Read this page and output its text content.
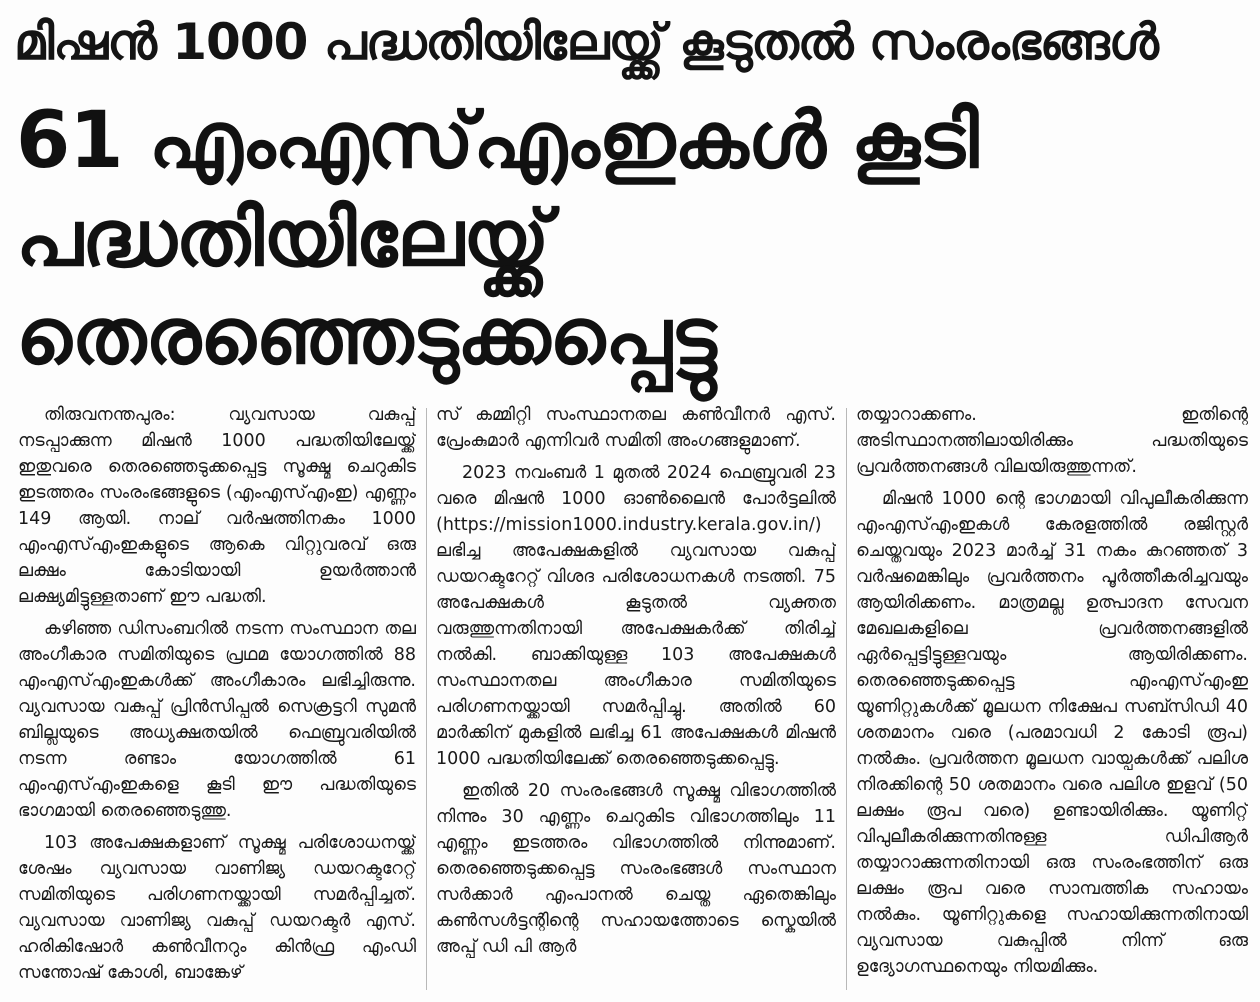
മിഷൻ 1000 പദ്ധതിയിലേയ്ക്ക് കൂടുതൽ സംരംഭങ്ങൾ
61 എംഎസ്എംഇകൾ കൂടി
പദ്ധതിയിലേയ്ക്ക്
തെരഞ്ഞെടുക്കപ്പെട്ടു

തിരുവനന്തപുരം: വ്യവസായ വകുപ്പ് നടപ്പാക്കുന്ന മിഷൻ 1000 പദ്ധതിയിലേയ്ക്ക് ഇതുവരെ തെരഞ്ഞെടുക്കപ്പെട്ട സൂക്ഷ്മ ചെറുകിട ഇടത്തരം സംരംഭങ്ങളുടെ (എംഎസ്എംഇ) എണ്ണം 149 ആയി. നാല് വർഷത്തിനകം 1000 എംഎസ്എംഇകളുടെ ആകെ വിറ്റുവരവ് ഒരു ലക്ഷം കോടിയായി ഉയർത്താൻ ലക്ഷ്യമിട്ടുള്ളതാണ് ഈ പദ്ധതി.

കഴിഞ്ഞ ഡിസംബറിൽ നടന്ന സംസ്ഥാന തല അംഗീകാര സമിതിയുടെ പ്രഥമ യോഗത്തിൽ 88 എംഎസ്എംഇകൾക്ക് അംഗീകാരം ലഭിച്ചിരുന്നു. വ്യവസായ വകുപ്പ് പ്രിൻസിപ്പൽ സെക്രട്ടറി സുമൻ ബില്ലയുടെ അധ്യക്ഷതയിൽ ഫെബ്രുവരിയിൽ നടന്ന രണ്ടാം യോഗത്തിൽ 61 എംഎസ്എംഇകളെ കൂടി ഈ പദ്ധതിയുടെ ഭാഗമായി തെരഞ്ഞെടുത്തു.

103 അപേക്ഷകളാണ് സൂക്ഷ്മ പരിശോധനയ്ക്ക് ശേഷം വ്യവസായ വാണിജ്യ ഡയറക്ടറേറ്റ് സമിതിയുടെ പരിഗണനയ്ക്കായി സമർപ്പിച്ചത്. വ്യവസായ വാണിജ്യ വകുപ്പ് ഡയറക്ടർ എസ്. ഹരികിഷോർ കൺവീനറും കിൻഫ്ര എംഡി സന്തോഷ് കോശി, ബാങ്കേഴ്

സ് കമ്മിറ്റി സംസ്ഥാനതല കൺവീനർ എസ്. പ്രേംകുമാർ എന്നിവർ സമിതി അംഗങ്ങളുമാണ്.

2023 നവംബർ 1 മുതൽ 2024 ഫെബ്രുവരി 23 വരെ മിഷൻ 1000 ഓൺലൈൻ പോർട്ടലിൽ (https://mission1000.industry.kerala.gov.in/) ലഭിച്ച അപേക്ഷകളിൽ വ്യവസായ വകുപ്പ് ഡയറക്ടറേറ്റ് വിശദ പരിശോധനകൾ നടത്തി. 75 അപേക്ഷകൾ കൂടുതൽ വ്യക്തത വരുത്തുന്നതിനായി അപേക്ഷകർക്ക് തിരിച്ച് നൽകി. ബാക്കിയുള്ള 103 അപേക്ഷകൾ സംസ്ഥാനതല അംഗീകാര സമിതിയുടെ പരിഗണനയ്ക്കായി സമർപ്പിച്ചു. അതിൽ 60 മാർക്കിന് മുകളിൽ ലഭിച്ച 61 അപേക്ഷകൾ മിഷൻ 1000 പദ്ധതിയിലേക്ക് തെരഞ്ഞെടുക്കപ്പെട്ടു.

ഇതിൽ 20 സംരംഭങ്ങൾ സൂക്ഷ്മ വിഭാഗത്തിൽ നിന്നും 30 എണ്ണം ചെറുകിട വിഭാഗത്തിലും 11 എണ്ണം ഇടത്തരം വിഭാഗത്തിൽ നിന്നുമാണ്. തെരഞ്ഞെടുക്കപ്പെട്ട സംരംഭങ്ങൾ സംസ്ഥാന സർക്കാർ എംപാനൽ ചെയ്ത ഏതെങ്കിലും കൺസൾട്ടന്റിന്റെ സഹായത്തോടെ സ്കെയിൽ അപ്പ് ഡി പി ആർ

തയ്യാറാക്കണം. ഇതിന്റെ അടിസ്ഥാനത്തിലായിരിക്കും പദ്ധതിയുടെ പ്രവർത്തനങ്ങൾ വിലയിരുത്തുന്നത്.

മിഷൻ 1000 ന്റെ ഭാഗമായി വിപുലീകരിക്കുന്ന എംഎസ്എംഇകൾ കേരളത്തിൽ രജിസ്റ്റർ ചെയ്തവയും 2023 മാർച്ച് 31 നകം കുറഞ്ഞത് 3 വർഷമെങ്കിലും പ്രവർത്തനം പൂർത്തീകരിച്ചവയും ആയിരിക്കണം. മാത്രമല്ല ഉത്പാദന സേവന മേഖലകളിലെ പ്രവർത്തനങ്ങളിൽ ഏർപ്പെട്ടിട്ടുള്ളവയും ആയിരിക്കണം. തെരഞ്ഞെടുക്കപ്പെട്ട എംഎസ്എംഇ യൂണിറ്റുകൾക്ക് മൂലധന നിക്ഷേപ സബ്സിഡി 40 ശതമാനം വരെ (പരമാവധി 2 കോടി രൂപ) നൽകും. പ്രവർത്തന മൂലധന വായ്പകൾക്ക് പലിശ നിരക്കിന്റെ 50 ശതമാനം വരെ പലിശ ഇളവ് (50 ലക്ഷം രൂപ വരെ) ഉണ്ടായിരിക്കും. യൂണിറ്റ് വിപുലീകരിക്കുന്നതിനുള്ള ഡിപിആർ തയ്യാറാക്കുന്നതിനായി ഒരു സംരംഭത്തിന് ഒരു ലക്ഷം രൂപ വരെ സാമ്പത്തിക സഹായം നൽകും. യൂണിറ്റുകളെ സഹായിക്കുന്നതിനായി വ്യവസായ വകുപ്പിൽ നിന്ന് ഒരു ഉദ്യോഗസ്ഥനെയും നിയമിക്കും.
